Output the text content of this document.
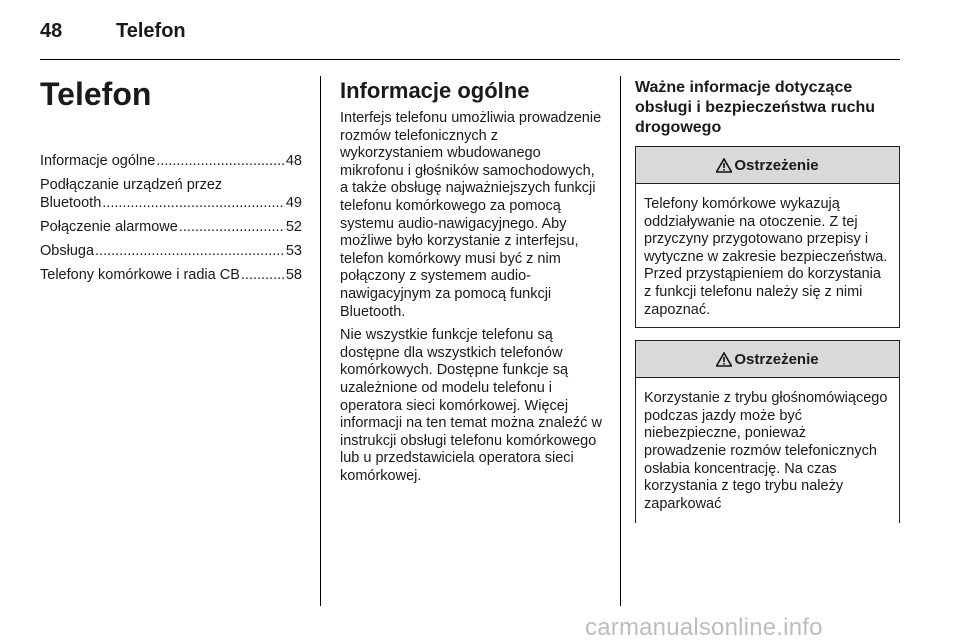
48	Telefon
Telefon
Informacje ogólne .....	48
Podłączanie urządzeń przez
Bluetooth .....	49
Połączenie alarmowe .....	52
Obsługa .....	53
Telefony komórkowe i radia CB .....	58
Informacje ogólne

Interfejs telefonu umożliwia prowadzenie rozmów telefonicznych z wykorzystaniem wbudowanego mikrofonu i głośników samochodowych, a także obsługę najważniejszych funkcji telefonu komórkowego za pomocą systemu audio-nawigacyjnego. Aby możliwe było korzystanie z interfejsu, telefon komórkowy musi być z nim połączony z systemem audio-nawigacyjnym za pomocą funkcji Bluetooth.

Nie wszystkie funkcje telefonu są dostępne dla wszystkich telefonów komórkowych. Dostępne funkcje są uzależnione od modelu telefonu i operatora sieci komórkowej. Więcej informacji na ten temat można znaleźć w instrukcji obsługi telefonu komórkowego lub u przedstawiciela operatora sieci komórkowej.

Ważne informacje dotyczące obsługi i bezpieczeństwa ruchu drogowego
Ostrzeżenie
Telefony komórkowe wykazują oddziaływanie na otoczenie. Z tej przyczyny przygotowano przepisy i wytyczne w zakresie bezpieczeństwa. Przed przystąpieniem do korzystania z funkcji telefonu należy się z nimi zapoznać.
Ostrzeżenie
Korzystanie z trybu głośnomówiącego podczas jazdy może być niebezpieczne, ponieważ prowadzenie rozmów telefonicznych osłabia koncentrację. Na czas korzystania z tego trybu należy zaparkować
carmanualsonline.info
